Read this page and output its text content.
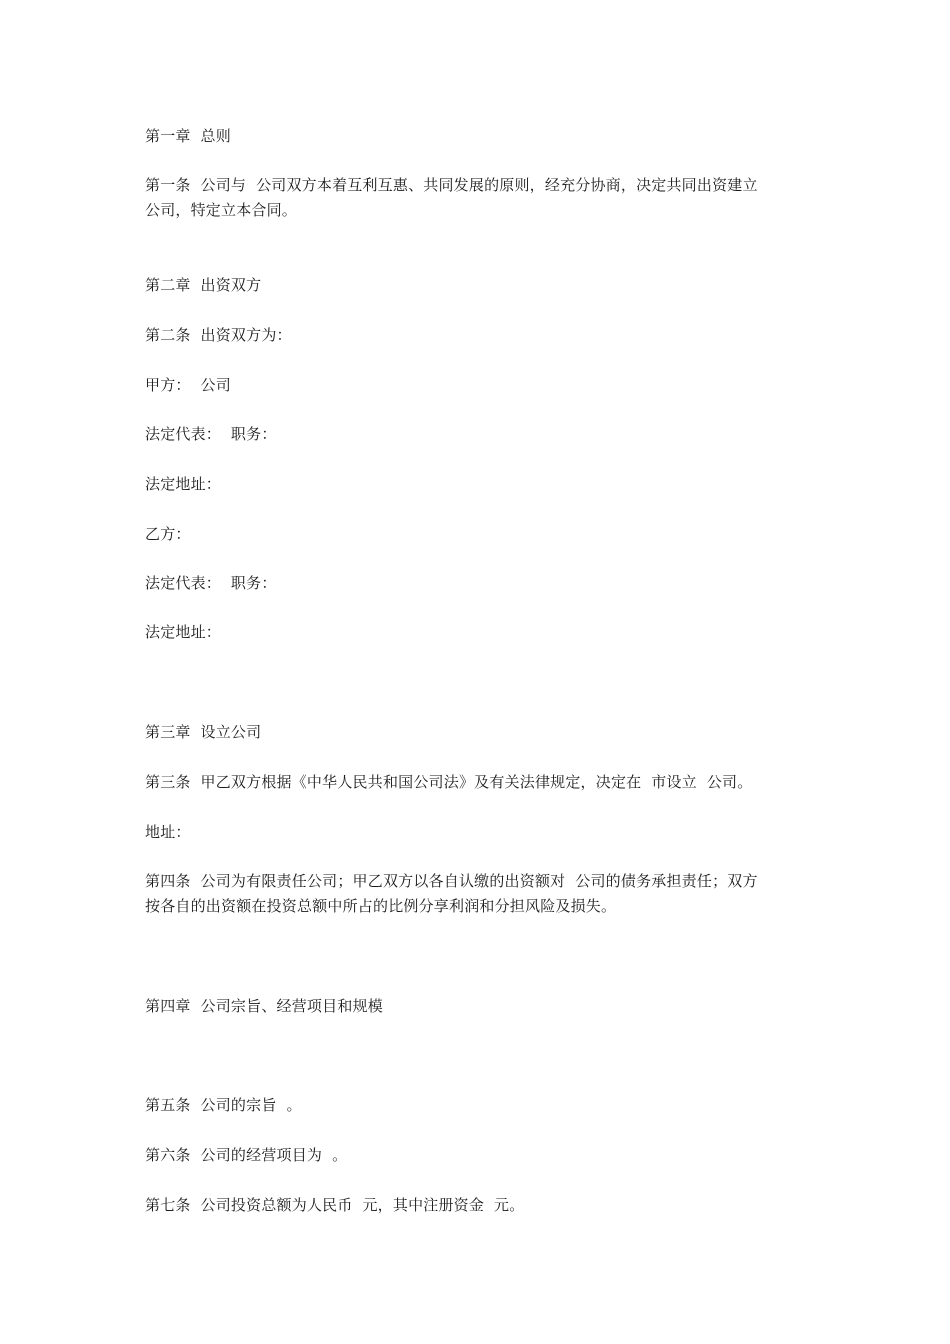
第一章  总则
第一条  公司与  公司双方本着互利互惠、共同发展的原则，经充分协商，决定共同出资建立
公司，特定立本合同。
第二章  出资双方
第二条  出资双方为：
甲方：  公司
法定代表：  职务：
法定地址：
乙方：
法定代表：  职务：
法定地址：
第三章  设立公司
第三条  甲乙双方根据《中华人民共和国公司法》及有关法律规定，决定在  市设立  公司。
地址：
第四条  公司为有限责任公司；甲乙双方以各自认缴的出资额对  公司的债务承担责任；双方
按各自的出资额在投资总额中所占的比例分享利润和分担风险及损失。
第四章  公司宗旨、经营项目和规模
第五条  公司的宗旨  。
第六条  公司的经营项目为  。
第七条  公司投资总额为人民币  元，其中注册资金  元。
